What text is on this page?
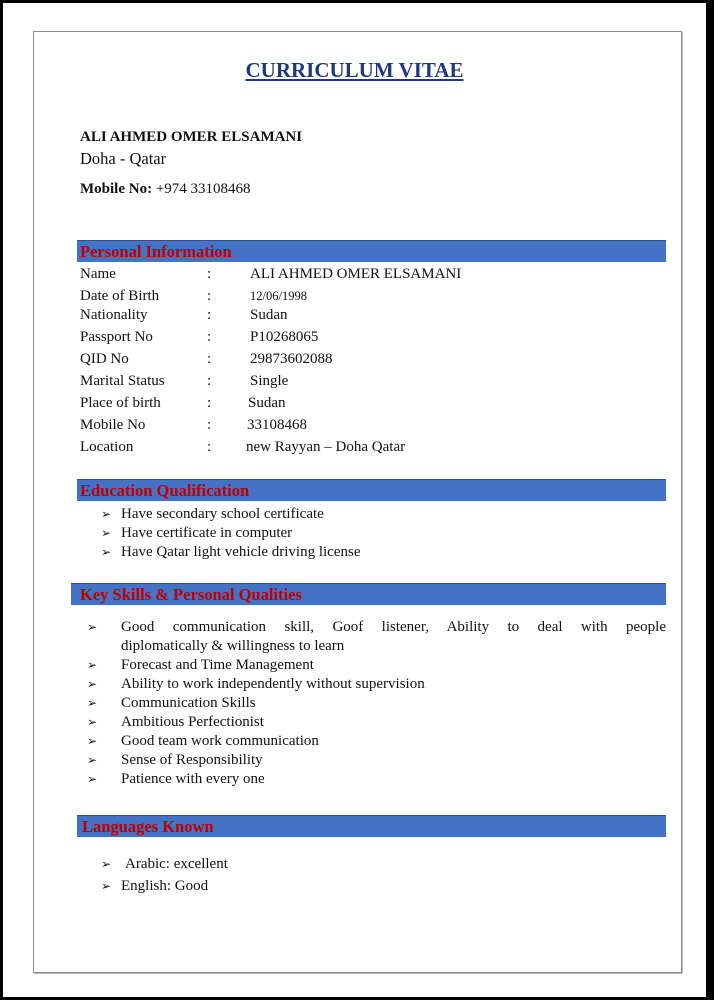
CURRICULUM VITAE
ALI AHMED OMER ELSAMANI
Doha - Qatar
Mobile No: +974 33108468
Personal Information
Name	:	ALI AHMED OMER ELSAMANI
Date of Birth	:	12/06/1998
Nationality	:	Sudan
Passport No	:	P10268065
QID No	:	29873602088
Marital Status	:	Single
Place of birth	: Sudan
Mobile No	: 33108468
Location	: new Rayyan – Doha Qatar
Education Qualification
➢ Have secondary school certificate
➢ Have certificate in computer
➢ Have Qatar light vehicle driving license
Key Skills & Personal Qualities
➢ Good communication skill, Goof listener, Ability to deal with people
diplomatically & willingness to learn
➢ Forecast and Time Management
➢ Ability to work independently without supervision
➢ Communication Skills
➢ Ambitious Perfectionist
➢ Good team work communication
➢ Sense of Responsibility
➢ Patience with every one
Languages Known
➢ Arabic: excellent
➢ English: Good
